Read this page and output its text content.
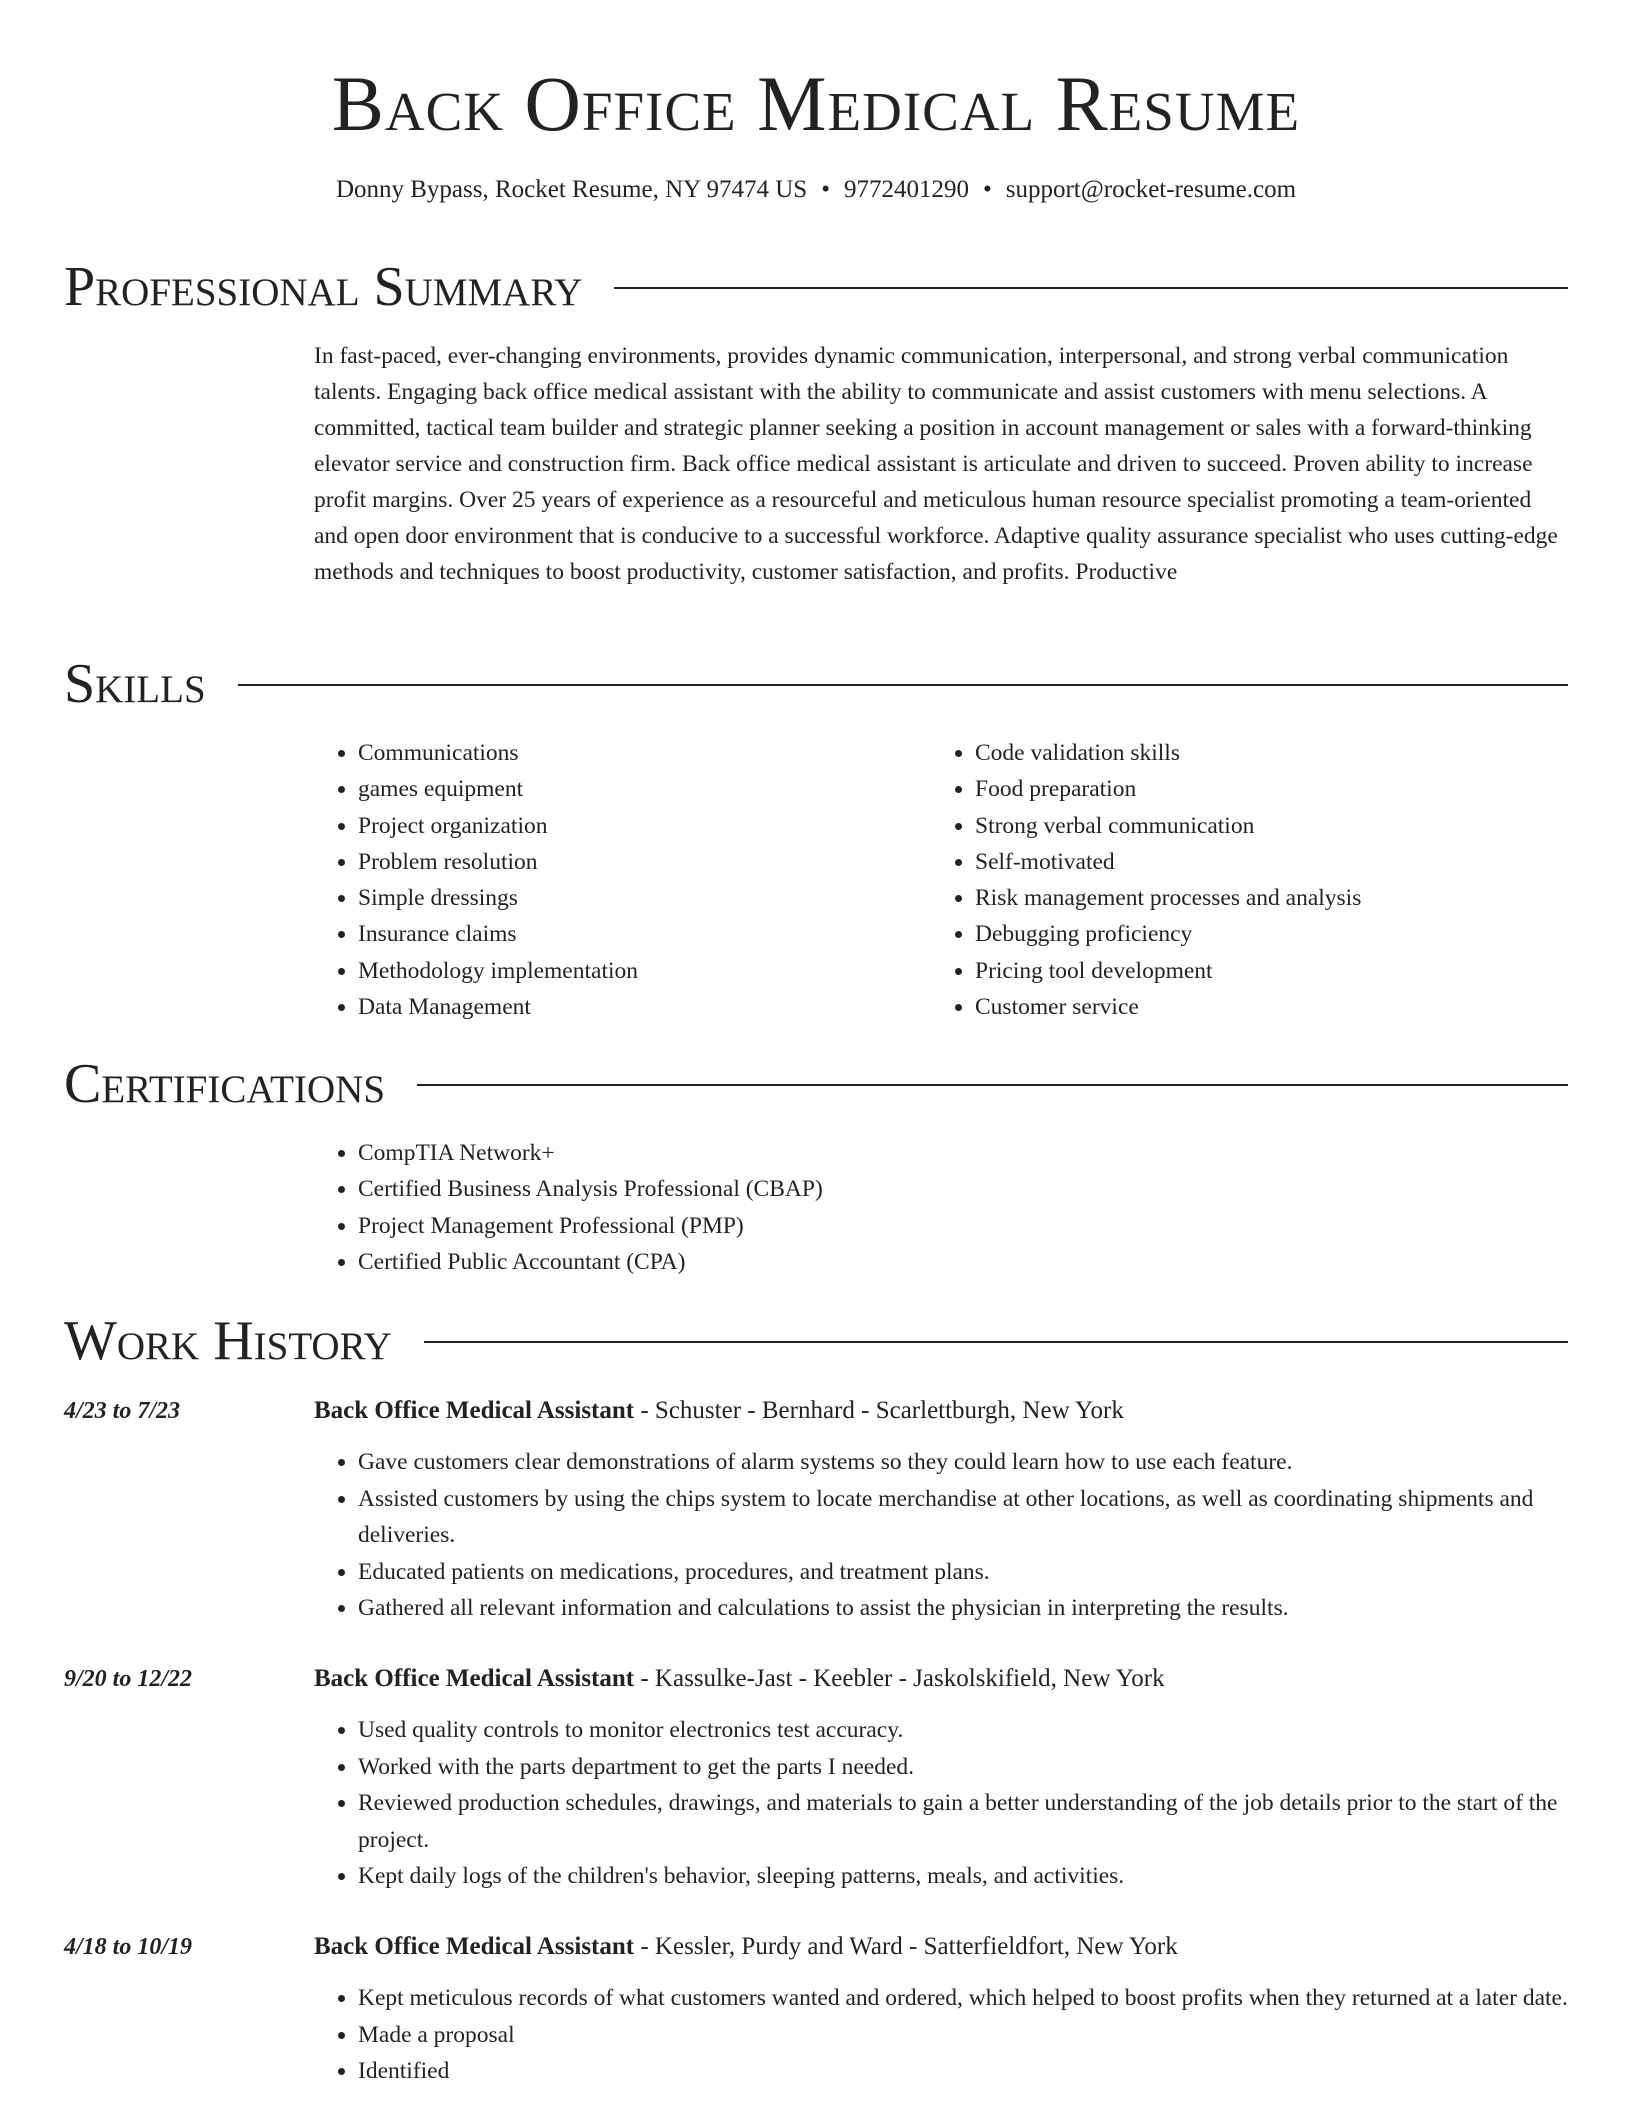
Back Office Medical Resume
Donny Bypass, Rocket Resume, NY 97474 US • 9772401290 • support@rocket-resume.com
Professional Summary

In fast-paced, ever-changing environments, provides dynamic communication, interpersonal, and strong verbal communication talents. Engaging back office medical assistant with the ability to communicate and assist customers with menu selections. A committed, tactical team builder and strategic planner seeking a position in account management or sales with a forward-thinking elevator service and construction firm. Back office medical assistant is articulate and driven to succeed. Proven ability to increase profit margins. Over 25 years of experience as a resourceful and meticulous human resource specialist promoting a team-oriented and open door environment that is conducive to a successful workforce. Adaptive quality assurance specialist who uses cutting-edge methods and techniques to boost productivity, customer satisfaction, and profits. Productive

Skills
• Communications
• games equipment
• Project organization
• Problem resolution
• Simple dressings
• Insurance claims
• Methodology implementation
• Data Management
• Code validation skills
• Food preparation
• Strong verbal communication
• Self-motivated
• Risk management processes and analysis
• Debugging proficiency
• Pricing tool development
• Customer service
Certifications
• CompTIA Network+
• Certified Business Analysis Professional (CBAP)
• Project Management Professional (PMP)
• Certified Public Accountant (CPA)
Work History
4/23 to 7/23	Back Office Medical Assistant - Schuster - Bernhard - Scarlettburgh, New York
• Gave customers clear demonstrations of alarm systems so they could learn how to use each feature.
• Assisted customers by using the chips system to locate merchandise at other locations, as well as coordinating shipments and deliveries.
• Educated patients on medications, procedures, and treatment plans.
• Gathered all relevant information and calculations to assist the physician in interpreting the results.
9/20 to 12/22	Back Office Medical Assistant - Kassulke-Jast - Keebler - Jaskolskifield, New York
• Used quality controls to monitor electronics test accuracy.
• Worked with the parts department to get the parts I needed.
• Reviewed production schedules, drawings, and materials to gain a better understanding of the job details prior to the start of the project.
• Kept daily logs of the children's behavior, sleeping patterns, meals, and activities.
4/18 to 10/19	Back Office Medical Assistant - Kessler, Purdy and Ward - Satterfieldfort, New York
• Kept meticulous records of what customers wanted and ordered, which helped to boost profits when they returned at a later date.
• Made a proposal
• Identified
